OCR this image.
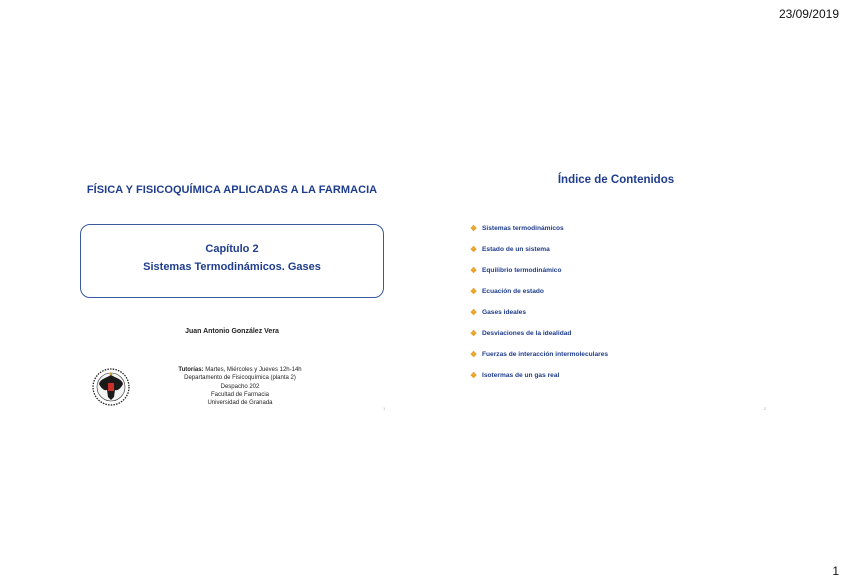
23/09/2019
FÍSICA Y FISICOQUÍMICA APLICADAS A LA FARMACIA
Capítulo 2
Sistemas Termodinámicos. Gases
Juan Antonio González Vera
Tutorías: Martes, Miércoles y Jueves 12h-14h
Departamento de Fisicoquímica (planta 2)
Despacho 202
Facultad de Farmacia
Universidad de Granada
1
Índice de Contenidos
❖ Sistemas termodinámicos
❖ Estado de un sistema
❖ Equilibrio termodinámico
❖ Ecuación de estado
❖ Gases ideales
❖ Desviaciones de la idealidad
❖ Fuerzas de interacción intermoleculares
❖ Isotermas de un gas real
2
1
